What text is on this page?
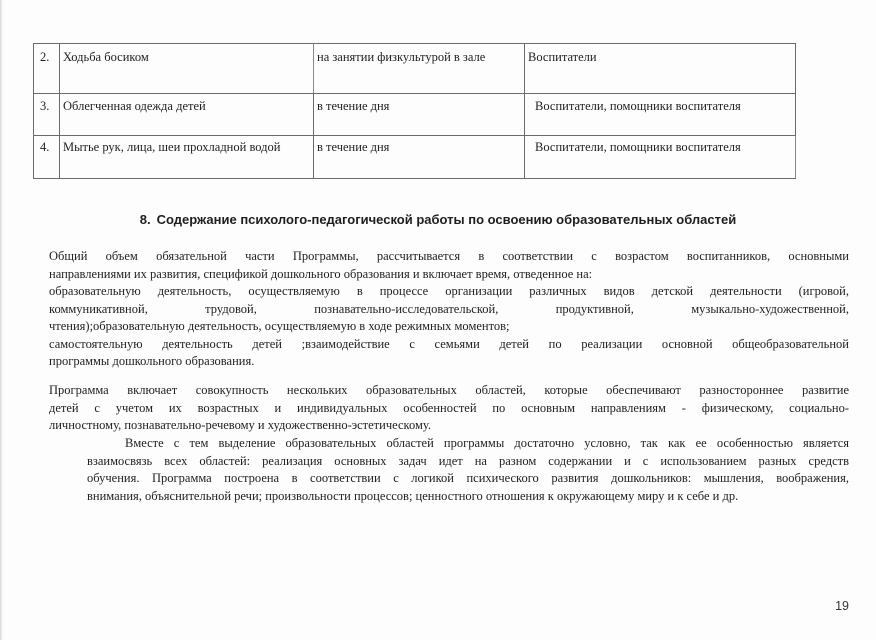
2.	Ходьба босиком	на занятии физкультурой в зале	Воспитатели
3.	Облегченная одежда детей	в течение дня	Воспитатели, помощники воспитателя
4.	Мытье рук, лица, шеи прохладной водой	в течение дня	Воспитатели, помощники воспитателя
8. Содержание психолого-педагогической работы по освоению образовательных областей

Общий объем обязательной части Программы, рассчитывается в соответствии с возрастом воспитанников, основными
направлениями их развития, спецификой дошкольного образования и включает время, отведенное на:
образовательную деятельность, осуществляемую в процессе организации различных видов детской деятельности (игровой,
коммуникативной, трудовой, познавательно-исследовательской, продуктивной, музыкально-художественной,
чтения);образовательную деятельность, осуществляемую в ходе режимных моментов;
самостоятельную деятельность детей ;взаимодействие с семьями детей по реализации основной общеобразовательной
программы дошкольного образования.

Программа включает совокупность нескольких образовательных областей, которые обеспечивают разностороннее развитие
детей с учетом их возрастных и индивидуальных особенностей по основным направлениям - физическому, социально-
личностному, познавательно-речевому и художественно-эстетическому.

Вместе с тем выделение образовательных областей программы достаточно условно, так как ее особенностью является
взаимосвязь всех областей: реализация основных задач идет на разном содержании и с использованием разных средств
обучения. Программа построена в соответствии с логикой психического развития дошкольников: мышления, воображения,
внимания, объяснительной речи; произвольности процессов; ценностного отношения к окружающему миру и к себе и др.

19
